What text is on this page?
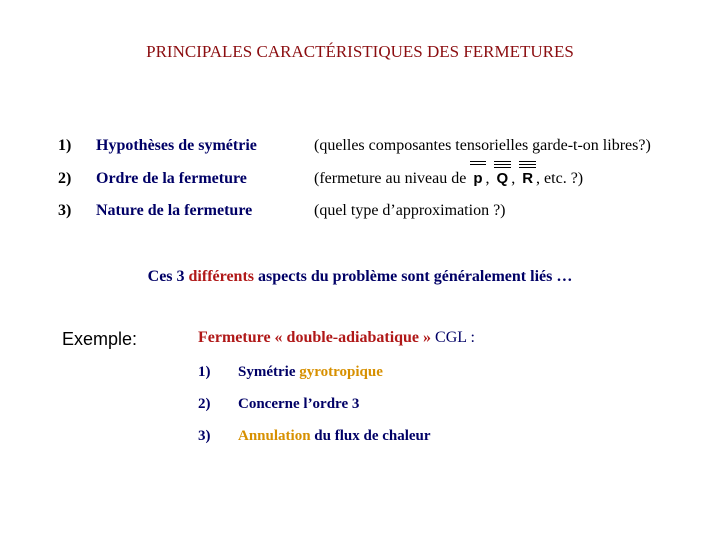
PRINCIPALES CARACTÉRISTIQUES DES FERMETURES
1) Hypothèses de symétrie	(quelles composantes tensorielles garde-t-on libres?)
2) Ordre de la fermeture	(fermeture au niveau de p ,
Q ,
R , etc. ?)
3) Nature de la fermeture	(quel type d’approximation ?)
Ces 3 différents aspects du problème sont généralement liés …
Exemple:	Fermeture « double-adiabatique » CGL :
1) Symétrie gyrotropique
2) Concerne l’ordre 3
3) Annulation du flux de chaleur
